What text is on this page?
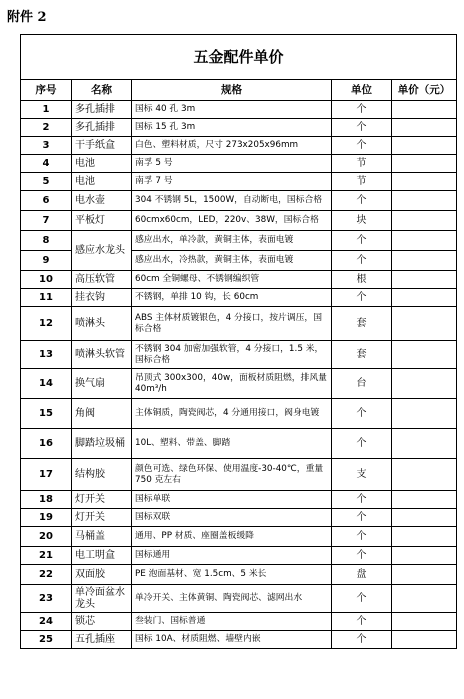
附件 2
五金配件单价				
序号	名称	规格	单位	单价（元）
1	多孔插排	国标 40 孔 3m	个	
2	多孔插排	国标 15 孔 3m	个	
3	干手纸盒	白色、塑料材质，尺寸 273x205x96mm	个	
4	电池	南孚 5 号	节	
5	电池	南孚 7 号	节	
6	电水壶	304 不锈钢 5L，1500W，自动断电，国标合格	个	
7	平板灯	60cmx60cm，LED，220v、38W，国标合格	块	
8	感应水龙头	感应出水，单冷款，黄铜主体，表面电镀	个	
9		感应出水，冷热款，黄铜主体，表面电镀	个	
10	高压软管	60cm 全铜螺母、不锈钢编织管	根	
11	挂衣钩	不锈钢，单排 10 钩，长 60cm	个	
12	喷淋头	ABS 主体材质镀银色，4 分接口，按片调压，国标合格	套	
13	喷淋头软管	不锈钢 304 加密加强软管，4 分接口，1.5 米，国标合格	套	
14	换气扇	吊顶式 300x300，40w，面板材质阻燃，排风量 40m³/h	台	
15	角阀	主体铜质，陶瓷阀芯，4 分通用接口，阀身电镀	个	
16	脚踏垃圾桶	10L、塑料、带盖、脚踏	个	
17	结构胶	颜色可选、绿色环保、使用温度-30-40℃，重量 750 克左右	支	
18	灯开关	国标单联	个	
19	灯开关	国标双联	个	
20	马桶盖	通用、PP 材质、座圈盖板缓降	个	
21	电工明盒	国标通用	个	
22	双面胶	PE 泡面基材、宽 1.5cm、5 米长	盘	
23	单冷面盆水龙头	单冷开关、主体黄铜、陶瓷阀芯、滤网出水	个	
24	锁芯	叁装门、国标普通	个	
25	五孔插座	国标 10A、材质阻燃、墙壁内嵌	个	
